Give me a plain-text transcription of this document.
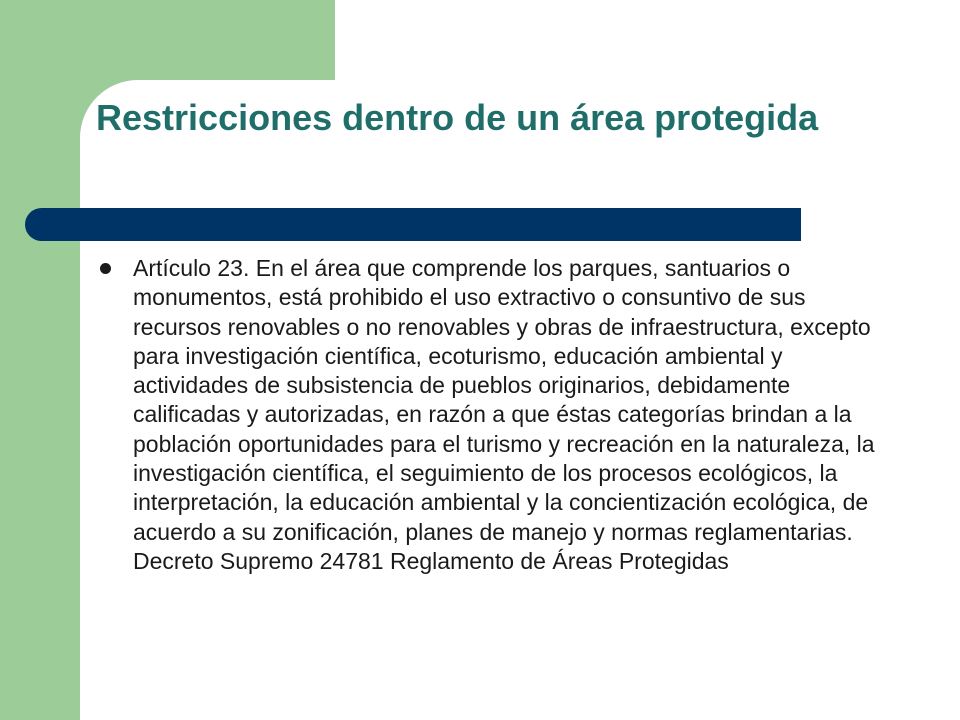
Restricciones dentro de un área protegida
Artículo 23. En el área que comprende los parques, santuarios o monumentos, está prohibido el uso extractivo o consuntivo de sus recursos renovables o no renovables y obras de infraestructura, excepto para investigación científica, ecoturismo, educación ambiental y actividades de subsistencia de pueblos originarios, debidamente calificadas y autorizadas, en razón a que éstas categorías brindan a la población oportunidades para el turismo y recreación en la naturaleza, la investigación científica, el seguimiento de los procesos ecológicos, la interpretación, la educación ambiental y la concientización ecológica, de acuerdo a su zonificación, planes de manejo y normas reglamentarias. Decreto Supremo 24781 Reglamento de Áreas Protegidas
